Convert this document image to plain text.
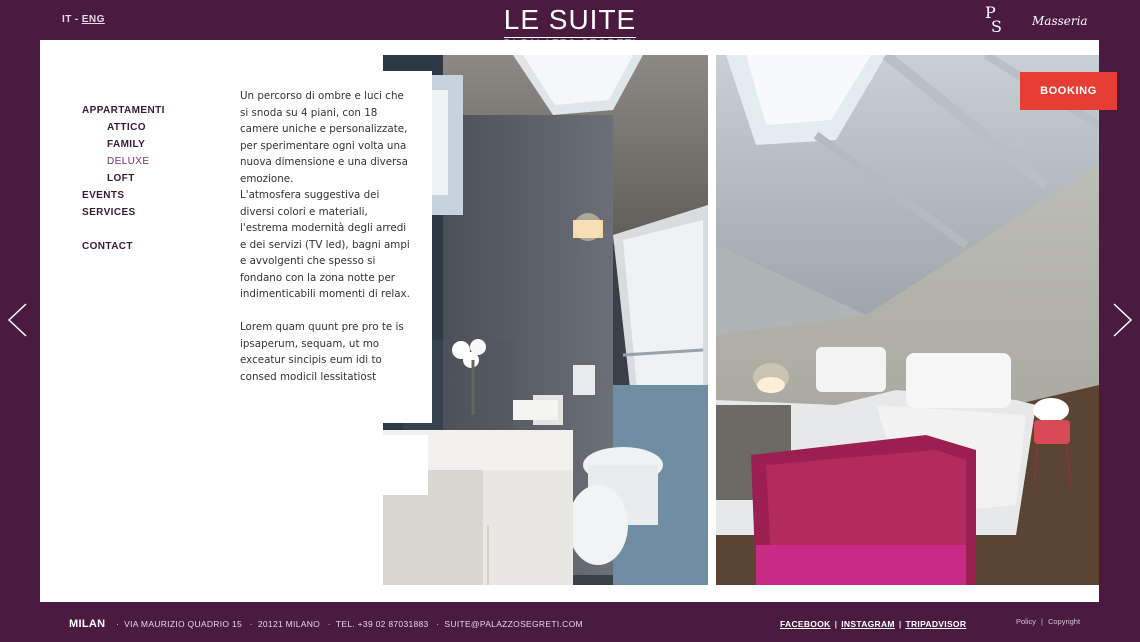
IT - ENG	LE SUITE	P
S	Masseria
APPARTAMENTI
ATTICO
FAMILY
DELUXE
LOFT
EVENTS
SERVICES
CONTACT

Un percorso di ombre e luci che si snoda su 4 piani, con 18 camere uniche e personalizzate, per sperimentare ogni volta una nuova dimensione e una diversa emozione.

L'atmosfera suggestiva dei diversi colori e materiali, l'estrema modernità degli arredi e dei servizi (TV led), bagni ampi e avvolgenti che spesso si fondano con la zona notte per indimenticabili momenti di relax.

Lorem quam quunt pre pro te is ipsaperum, sequam, ut mo exceatur sincipis eum idi to consed modicil lessitatiost

BOOKING
MILAN · VIA MAURIZIO QUADRIO 15 · 20121 MILANO · TEL. +39 02 87031883 · SUITE@PALAZZOSEGRETI.COM	FACEBOOK | INSTAGRAM | TRIPADVISOR	Policy | Copyright
